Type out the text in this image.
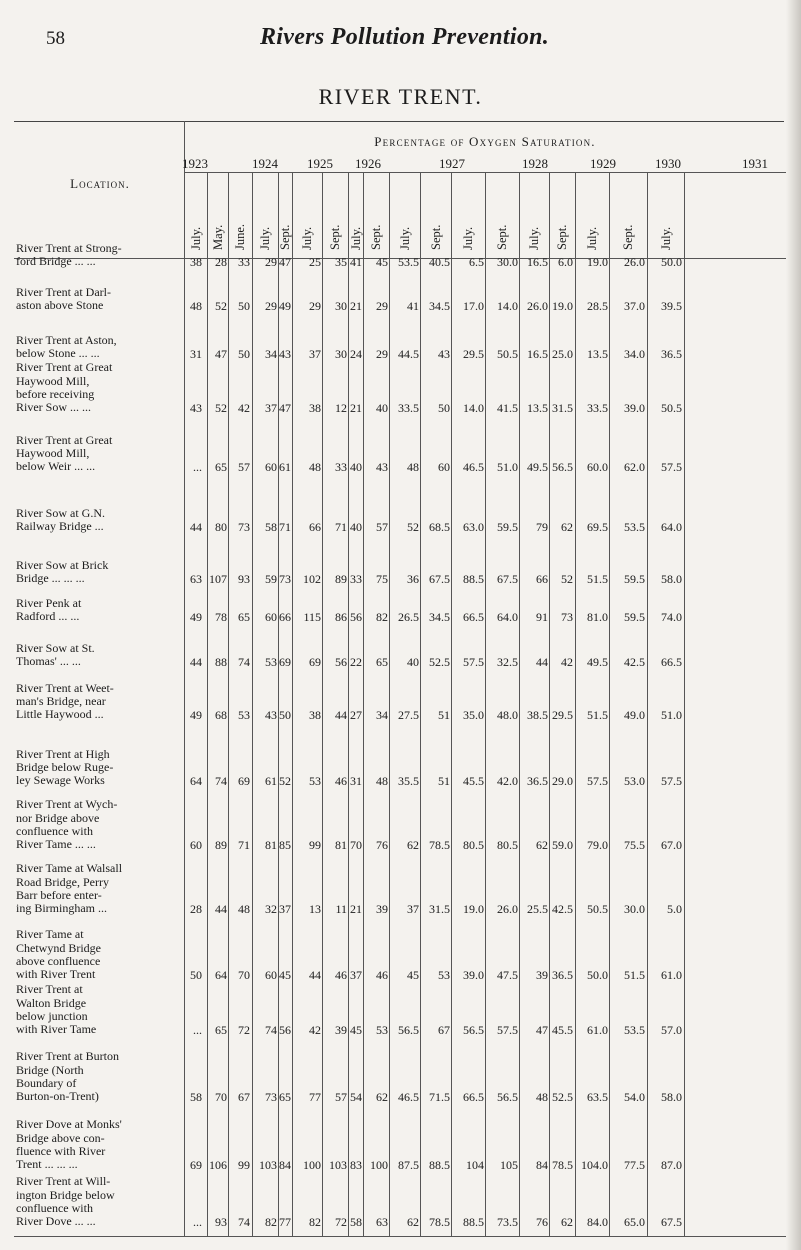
58	Rivers Pollution Prevention.
RIVER TRENT.
Percentage of Oxygen Saturation.
Location.
1923	1924 1925 1926	1927	1928	1929	1930	1931
July. May. June. July. Sept. July. Sept. July. Sept. July. Sept. July. Sept. July. Sept. July. Sept. July.
River Trent at Strong-
ford Bridge ... ...	38	28 33	29 47	25	35 41	45 53.5 40.5	6.5	30.0 16.5 6.0	19.0	26.0	50.0
River Trent at Darl-
aston above Stone	48	52 50	29 49	29	30 21	29	41 34.5	17.0	14.0 26.0 19.0	28.5	37.0	39.5
River Trent at Aston,
below Stone ... ...	31	47 50	34 43	37	30 24	29 44.5	43	29.5	50.5 16.5 25.0	13.5	34.0	36.5
River Trent at Great
Haywood Mill,
before receiving
River Sow ... ...	43	52 42	37 47	38	12 21	40 33.5	50	14.0	41.5 13.5 31.5	33.5	39.0	50.5
River Trent at Great
Haywood Mill,
below Weir ... ...	...	65 57	60 61	48	33 40	43	48	60	46.5	51.0 49.5 56.5	60.0	62.0	57.5
River Sow at G.N.
Railway Bridge ...	44	80 73	58 71	66	71 40	57	52 68.5	63.0	59.5	79	62	69.5	53.5	64.0
River Sow at Brick
Bridge ... ... ...	63 107 93	59 73	102	89 33	75	36 67.5	88.5	67.5	66	52	51.5	59.5	58.0
River Penk at
Radford ... ...	49	78 65	60 66	115	86 56	82 26.5 34.5	66.5	64.0	91	73	81.0	59.5	74.0
River Sow at St.
Thomas' ... ...	44	88 74	53 69	69	56 22	65	40 52.5	57.5	32.5	44	42	49.5	42.5	66.5
River Trent at Weet-
man's Bridge, near
Little Haywood ...	49	68 53	43 50	38	44 27	34 27.5	51	35.0	48.0 38.5 29.5	51.5	49.0	51.0
River Trent at High
Bridge below Ruge-
ley Sewage Works	64	74 69	61 52	53	46 31	48 35.5	51	45.5	42.0 36.5 29.0	57.5	53.0	57.5
River Trent at Wych-
nor Bridge above
confluence with
River Tame ... ...	60	89 71	81 85	99	81 70	76	62 78.5	80.5	80.5	62 59.0	79.0	75.5	67.0
River Tame at Walsall
Road Bridge, Perry
Barr before enter-
ing Birmingham ...	28	44 48	32 37	13	11 21	39	37 31.5	19.0	26.0 25.5 42.5	50.5	30.0	5.0
River Tame at
Chetwynd Bridge
above confluence
with River Trent	50	64 70	60 45	44	46 37	46	45	53	39.0	47.5	39 36.5	50.0	51.5	61.0
River Trent at
Walton Bridge
below junction
with River Tame	...	65 72	74 56	42	39 45	53 56.5	67	56.5	57.5	47 45.5	61.0	53.5	57.0
River Trent at Burton
Bridge (North
Boundary of
Burton-on-Trent)	58	70 67	73 65	77	57 54	62 46.5 71.5	66.5	56.5	48 52.5	63.5	54.0	58.0
River Dove at Monks'
Bridge above con-
fluence with River
Trent ... ... ...	69 106 99 103 84	100 103 83 100 87.5 88.5	104	105	84 78.5 104.0	77.5	87.0
River Trent at Will-
ington Bridge below
confluence with
River Dove ... ...	...	93 74	82 77	82	72 58	63	62 78.5	88.5	73.5	76	62	84.0	65.0	67.5
